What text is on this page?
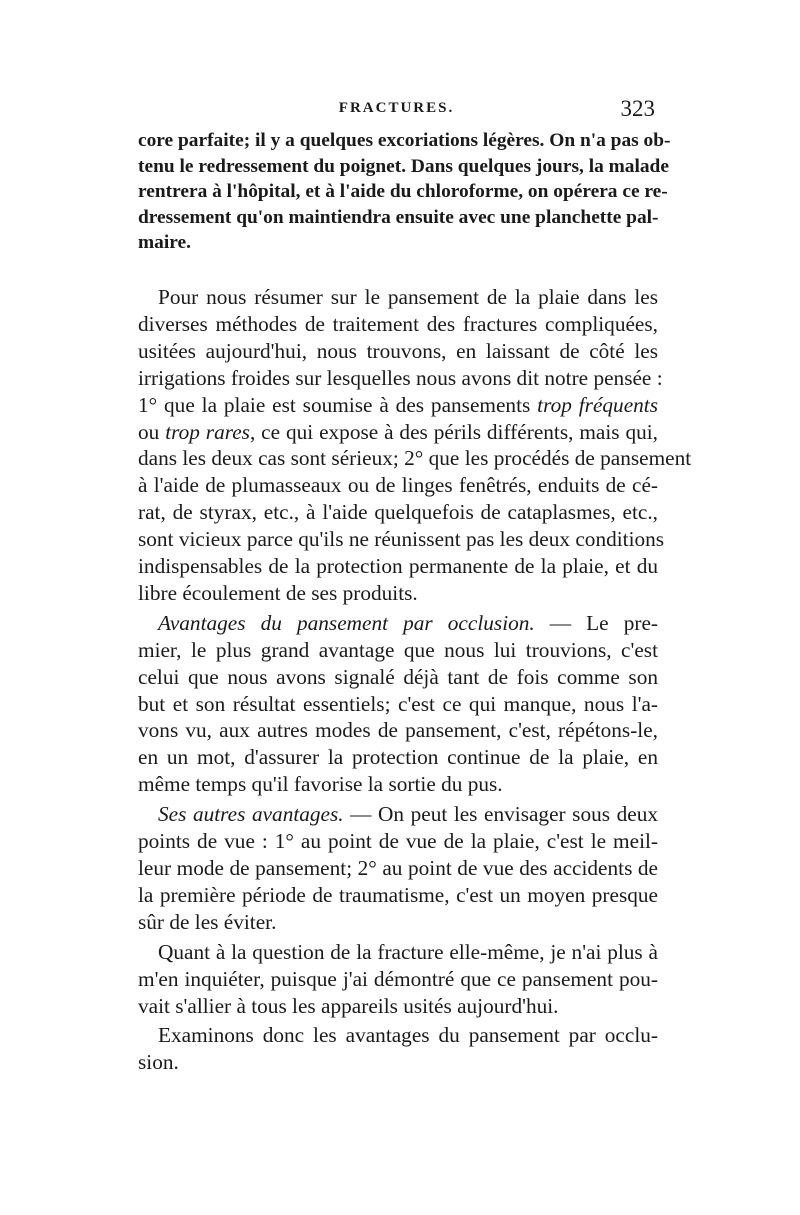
FRACTURES.	323
core parfaite; il y a quelques excoriations légères. On n'a pas ob-
tenu le redressement du poignet. Dans quelques jours, la malade
rentrera à l'hôpital, et à l'aide du chloroforme, on opérera ce re-
dressement qu'on maintiendra ensuite avec une planchette pal-
maire.
Pour nous résumer sur le pansement de la plaie dans les
diverses méthodes de traitement des fractures compliquées,
usitées aujourd'hui, nous trouvons, en laissant de côté les
irrigations froides sur lesquelles nous avons dit notre pensée :
1° que la plaie est soumise à des pansements trop fréquents
ou trop rares, ce qui expose à des périls différents, mais qui,
dans les deux cas sont sérieux; 2° que les procédés de pansement
à l'aide de plumasseaux ou de linges fenêtrés, enduits de cé-
rat, de styrax, etc., à l'aide quelquefois de cataplasmes, etc.,
sont vicieux parce qu'ils ne réunissent pas les deux conditions
indispensables de la protection permanente de la plaie, et du
libre écoulement de ses produits.
Avantages du pansement par occlusion. — Le pre-
mier, le plus grand avantage que nous lui trouvions, c'est
celui que nous avons signalé déjà tant de fois comme son
but et son résultat essentiels; c'est ce qui manque, nous l'a-
vons vu, aux autres modes de pansement, c'est, répétons-le,
en un mot, d'assurer la protection continue de la plaie, en
même temps qu'il favorise la sortie du pus.
Ses autres avantages. — On peut les envisager sous deux
points de vue : 1° au point de vue de la plaie, c'est le meil-
leur mode de pansement; 2° au point de vue des accidents de
la première période de traumatisme, c'est un moyen presque
sûr de les éviter.
Quant à la question de la fracture elle-même, je n'ai plus à
m'en inquiéter, puisque j'ai démontré que ce pansement pou-
vait s'allier à tous les appareils usités aujourd'hui.
Examinons donc les avantages du pansement par occlu-
sion.
